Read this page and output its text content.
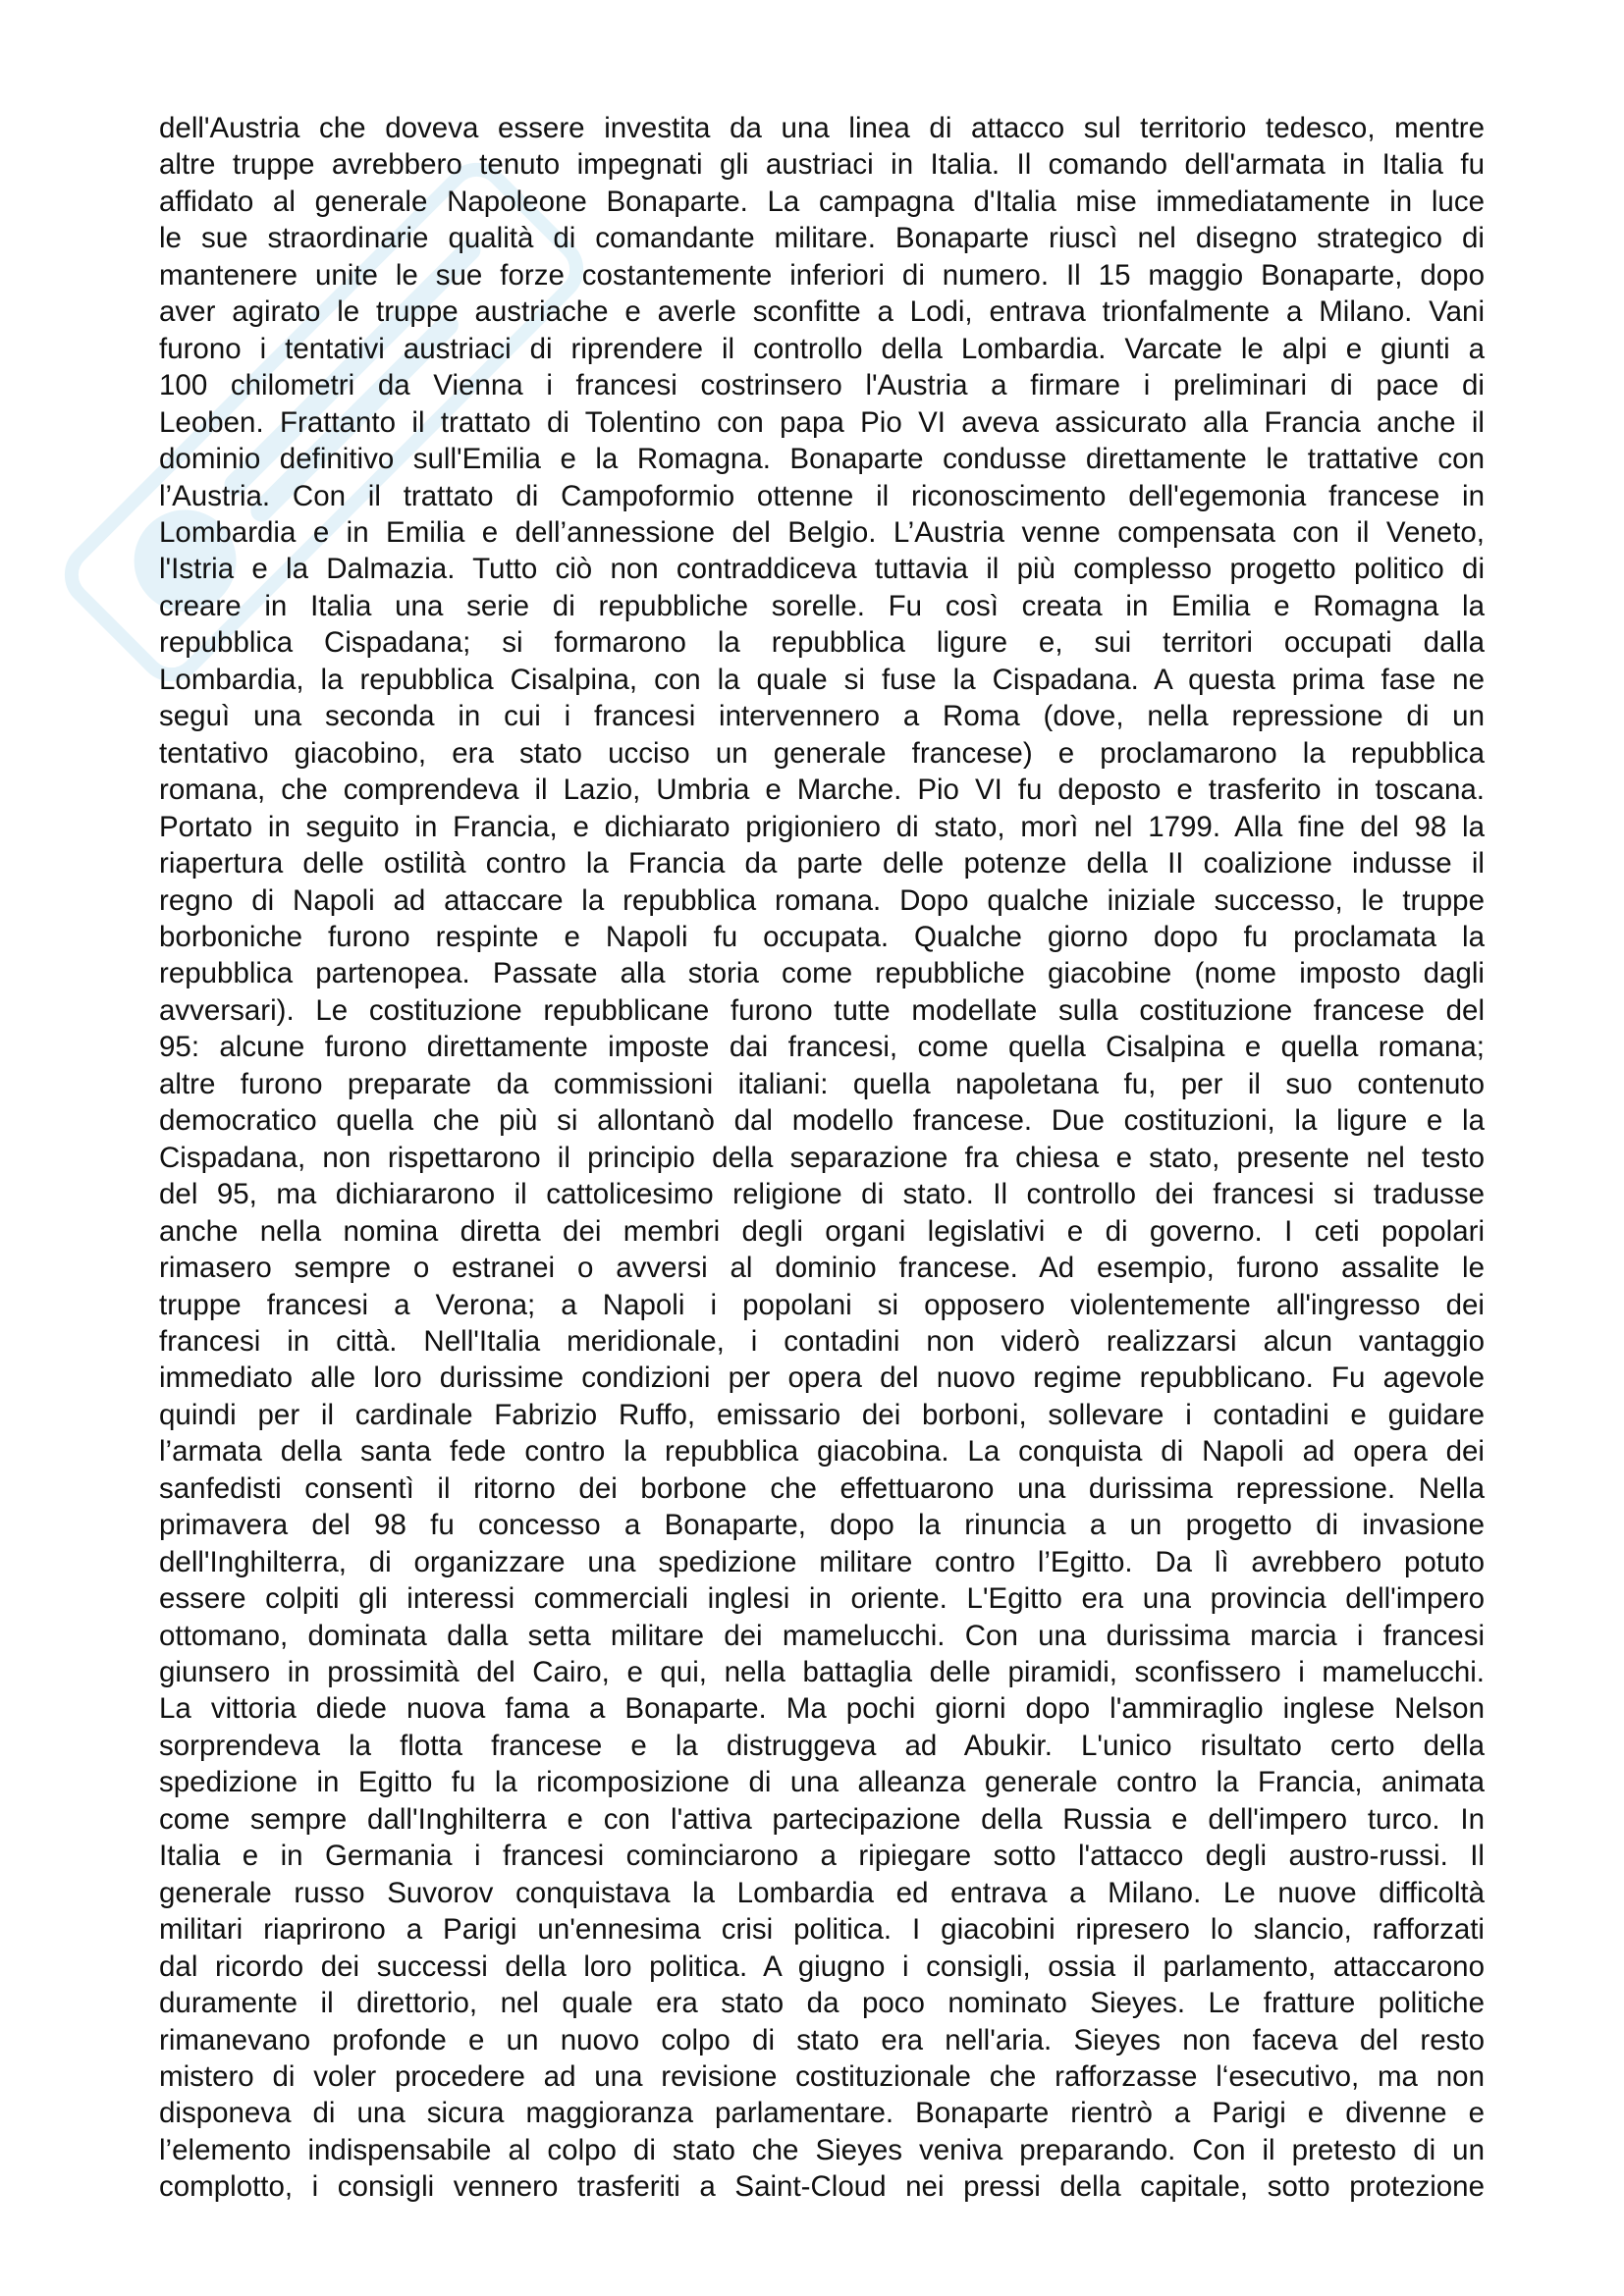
dell'Austria che doveva essere investita da una linea di attacco sul territorio tedesco, mentre
altre truppe avrebbero tenuto impegnati gli austriaci in Italia. Il comando dell'armata in Italia fu
affidato al generale Napoleone Bonaparte. La campagna d'Italia mise immediatamente in luce
le sue straordinarie qualità di comandante militare. Bonaparte riuscì nel disegno strategico di
mantenere unite le sue forze costantemente inferiori di numero. Il 15 maggio Bonaparte, dopo
aver agirato le truppe austriache e averle sconfitte a Lodi, entrava trionfalmente a Milano. Vani
furono i tentativi austriaci di riprendere il controllo della Lombardia. Varcate le alpi e giunti a
100 chilometri da Vienna i francesi costrinsero l'Austria a firmare i preliminari di pace di
Leoben. Frattanto il trattato di Tolentino con papa Pio VI aveva assicurato alla Francia anche il
dominio definitivo sull'Emilia e la Romagna. Bonaparte condusse direttamente le trattative con
l’Austria. Con il trattato di Campoformio ottenne il riconoscimento dell'egemonia francese in
Lombardia e in Emilia e dell’annessione del Belgio. L’Austria venne compensata con il Veneto,
l'Istria e la Dalmazia. Tutto ciò non contraddiceva tuttavia il più complesso progetto politico di
creare in Italia una serie di repubbliche sorelle. Fu così creata in Emilia e Romagna la
repubblica Cispadana; si formarono la repubblica ligure e, sui territori occupati dalla
Lombardia, la repubblica Cisalpina, con la quale si fuse la Cispadana. A questa prima fase ne
seguì una seconda in cui i francesi intervennero a Roma (dove, nella repressione di un
tentativo giacobino, era stato ucciso un generale francese) e proclamarono la repubblica
romana, che comprendeva il Lazio, Umbria e Marche. Pio VI fu deposto e trasferito in toscana.
Portato in seguito in Francia, e dichiarato prigioniero di stato, morì nel 1799. Alla fine del 98 la
riapertura delle ostilità contro la Francia da parte delle potenze della II coalizione indusse il
regno di Napoli ad attaccare la repubblica romana. Dopo qualche iniziale successo, le truppe
borboniche furono respinte e Napoli fu occupata. Qualche giorno dopo fu proclamata la
repubblica partenopea. Passate alla storia come repubbliche giacobine (nome imposto dagli
avversari). Le costituzione repubblicane furono tutte modellate sulla costituzione francese del
95: alcune furono direttamente imposte dai francesi, come quella Cisalpina e quella romana;
altre furono preparate da commissioni italiani: quella napoletana fu, per il suo contenuto
democratico quella che più si allontanò dal modello francese. Due costituzioni, la ligure e la
Cispadana, non rispettarono il principio della separazione fra chiesa e stato, presente nel testo
del 95, ma dichiararono il cattolicesimo religione di stato. Il controllo dei francesi si tradusse
anche nella nomina diretta dei membri degli organi legislativi e di governo. I ceti popolari
rimasero sempre o estranei o avversi al dominio francese. Ad esempio, furono assalite le
truppe francesi a Verona; a Napoli i popolani si opposero violentemente all'ingresso dei
francesi in città. Nell'Italia meridionale, i contadini non viderò realizzarsi alcun vantaggio
immediato alle loro durissime condizioni per opera del nuovo regime repubblicano. Fu agevole
quindi per il cardinale Fabrizio Ruffo, emissario dei borboni, sollevare i contadini e guidare
l’armata della santa fede contro la repubblica giacobina. La conquista di Napoli ad opera dei
sanfedisti consentì il ritorno dei borbone che effettuarono una durissima repressione. Nella
primavera del 98 fu concesso a Bonaparte, dopo la rinuncia a un progetto di invasione
dell'Inghilterra, di organizzare una spedizione militare contro l’Egitto. Da lì avrebbero potuto
essere colpiti gli interessi commerciali inglesi in oriente. L'Egitto era una provincia dell'impero
ottomano, dominata dalla setta militare dei mamelucchi. Con una durissima marcia i francesi
giunsero in prossimità del Cairo, e qui, nella battaglia delle piramidi, sconfissero i mamelucchi.
La vittoria diede nuova fama a Bonaparte. Ma pochi giorni dopo l'ammiraglio inglese Nelson
sorprendeva la flotta francese e la distruggeva ad Abukir. L'unico risultato certo della
spedizione in Egitto fu la ricomposizione di una alleanza generale contro la Francia, animata
come sempre dall'Inghilterra e con l'attiva partecipazione della Russia e dell'impero turco. In
Italia e in Germania i francesi cominciarono a ripiegare sotto l'attacco degli austro-russi. Il
generale russo Suvorov conquistava la Lombardia ed entrava a Milano. Le nuove difficoltà
militari riaprirono a Parigi un'ennesima crisi politica. I giacobini ripresero lo slancio, rafforzati
dal ricordo dei successi della loro politica. A giugno i consigli, ossia il parlamento, attaccarono
duramente il direttorio, nel quale era stato da poco nominato Sieyes. Le fratture politiche
rimanevano profonde e un nuovo colpo di stato era nell'aria. Sieyes non faceva del resto
mistero di voler procedere ad una revisione costituzionale che rafforzasse l‘esecutivo, ma non
disponeva di una sicura maggioranza parlamentare. Bonaparte rientrò a Parigi e divenne e
l’elemento indispensabile al colpo di stato che Sieyes veniva preparando. Con il pretesto di un
complotto, i consigli vennero trasferiti a Saint-Cloud nei pressi della capitale, sotto protezione
